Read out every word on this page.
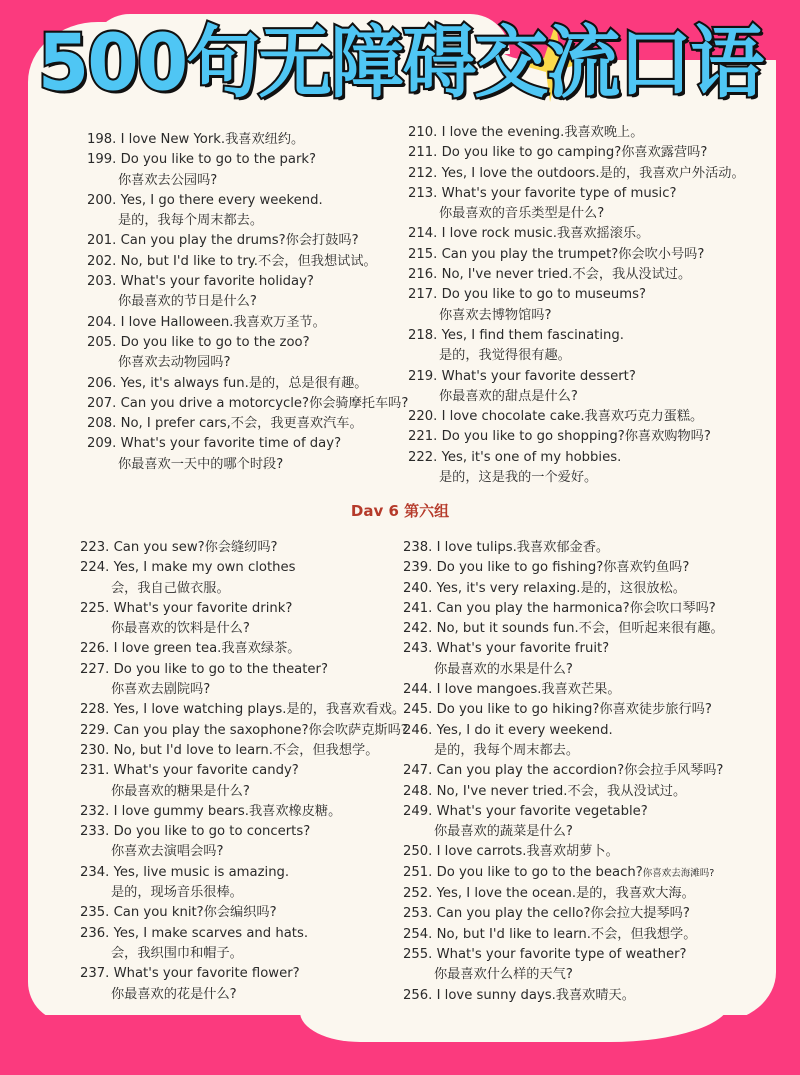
500句无障碍交流口语
198. I love New York.我喜欢纽约。
199. Do you like to go to the park?
你喜欢去公园吗?
200. Yes, I go there every weekend.
是的，我每个周末都去。
201. Can you play the drums?你会打鼓吗?
202. No, but I'd like to try.不会，但我想试试。
203. What's your favorite holiday?
你最喜欢的节日是什么?
204. I love Halloween.我喜欢万圣节。
205. Do you like to go to the zoo?
你喜欢去动物园吗?
206. Yes, it's always fun.是的，总是很有趣。
207. Can you drive a motorcycle?你会骑摩托车吗?
208. No, I prefer cars,不会，我更喜欢汽车。
209. What's your favorite time of day?
你最喜欢一天中的哪个时段?
210. I love the evening.我喜欢晚上。
211. Do you like to go camping?你喜欢露营吗?
212. Yes, I love the outdoors.是的，我喜欢户外活动。
213. What's your favorite type of music?
你最喜欢的音乐类型是什么?
214. I love rock music.我喜欢摇滚乐。
215. Can you play the trumpet?你会吹小号吗?
216. No, I've never tried.不会，我从没试过。
217. Do you like to go to museums?
你喜欢去博物馆吗?
218. Yes, I find them fascinating.
是的，我觉得很有趣。
219. What's your favorite dessert?
你最喜欢的甜点是什么?
220. I love chocolate cake.我喜欢巧克力蛋糕。
221. Do you like to go shopping?你喜欢购物吗?
222. Yes, it's one of my hobbies.
是的，这是我的一个爱好。
Dav 6 第六组
223. Can you sew?你会缝纫吗?
224. Yes, I make my own clothes
会，我自己做衣服。
225. What's your favorite drink?
你最喜欢的饮料是什么?
226. I love green tea.我喜欢绿茶。
227. Do you like to go to the theater?
你喜欢去剧院吗?
228. Yes, I love watching plays.是的，我喜欢看戏。
229. Can you play the saxophone?你会吹萨克斯吗?
230. No, but I'd love to learn.不会，但我想学。
231. What's your favorite candy?
你最喜欢的糖果是什么?
232. I love gummy bears.我喜欢橡皮糖。
233. Do you like to go to concerts?
你喜欢去演唱会吗?
234. Yes, live music is amazing.
是的，现场音乐很棒。
235. Can you knit?你会编织吗?
236. Yes, I make scarves and hats.
会，我织围巾和帽子。
237. What's your favorite flower?
你最喜欢的花是什么?
238. I love tulips.我喜欢郁金香。
239. Do you like to go fishing?你喜欢钓鱼吗?
240. Yes, it's very relaxing.是的，这很放松。
241. Can you play the harmonica?你会吹口琴吗?
242. No, but it sounds fun.不会，但听起来很有趣。
243. What's your favorite fruit?
你最喜欢的水果是什么?
244. I love mangoes.我喜欢芒果。
245. Do you like to go hiking?你喜欢徒步旅行吗?
246. Yes, I do it every weekend.
是的，我每个周末都去。
247. Can you play the accordion?你会拉手风琴吗?
248. No, I've never tried.不会，我从没试过。
249. What's your favorite vegetable?
你最喜欢的蔬菜是什么?
250. I love carrots.我喜欢胡萝卜。
251. Do you like to go to the beach?你喜欢去海滩吗?
252. Yes, I love the ocean.是的，我喜欢大海。
253. Can you play the cello?你会拉大提琴吗?
254. No, but I'd like to learn.不会，但我想学。
255. What's your favorite type of weather?
你最喜欢什么样的天气?
256. I love sunny days.我喜欢晴天。
